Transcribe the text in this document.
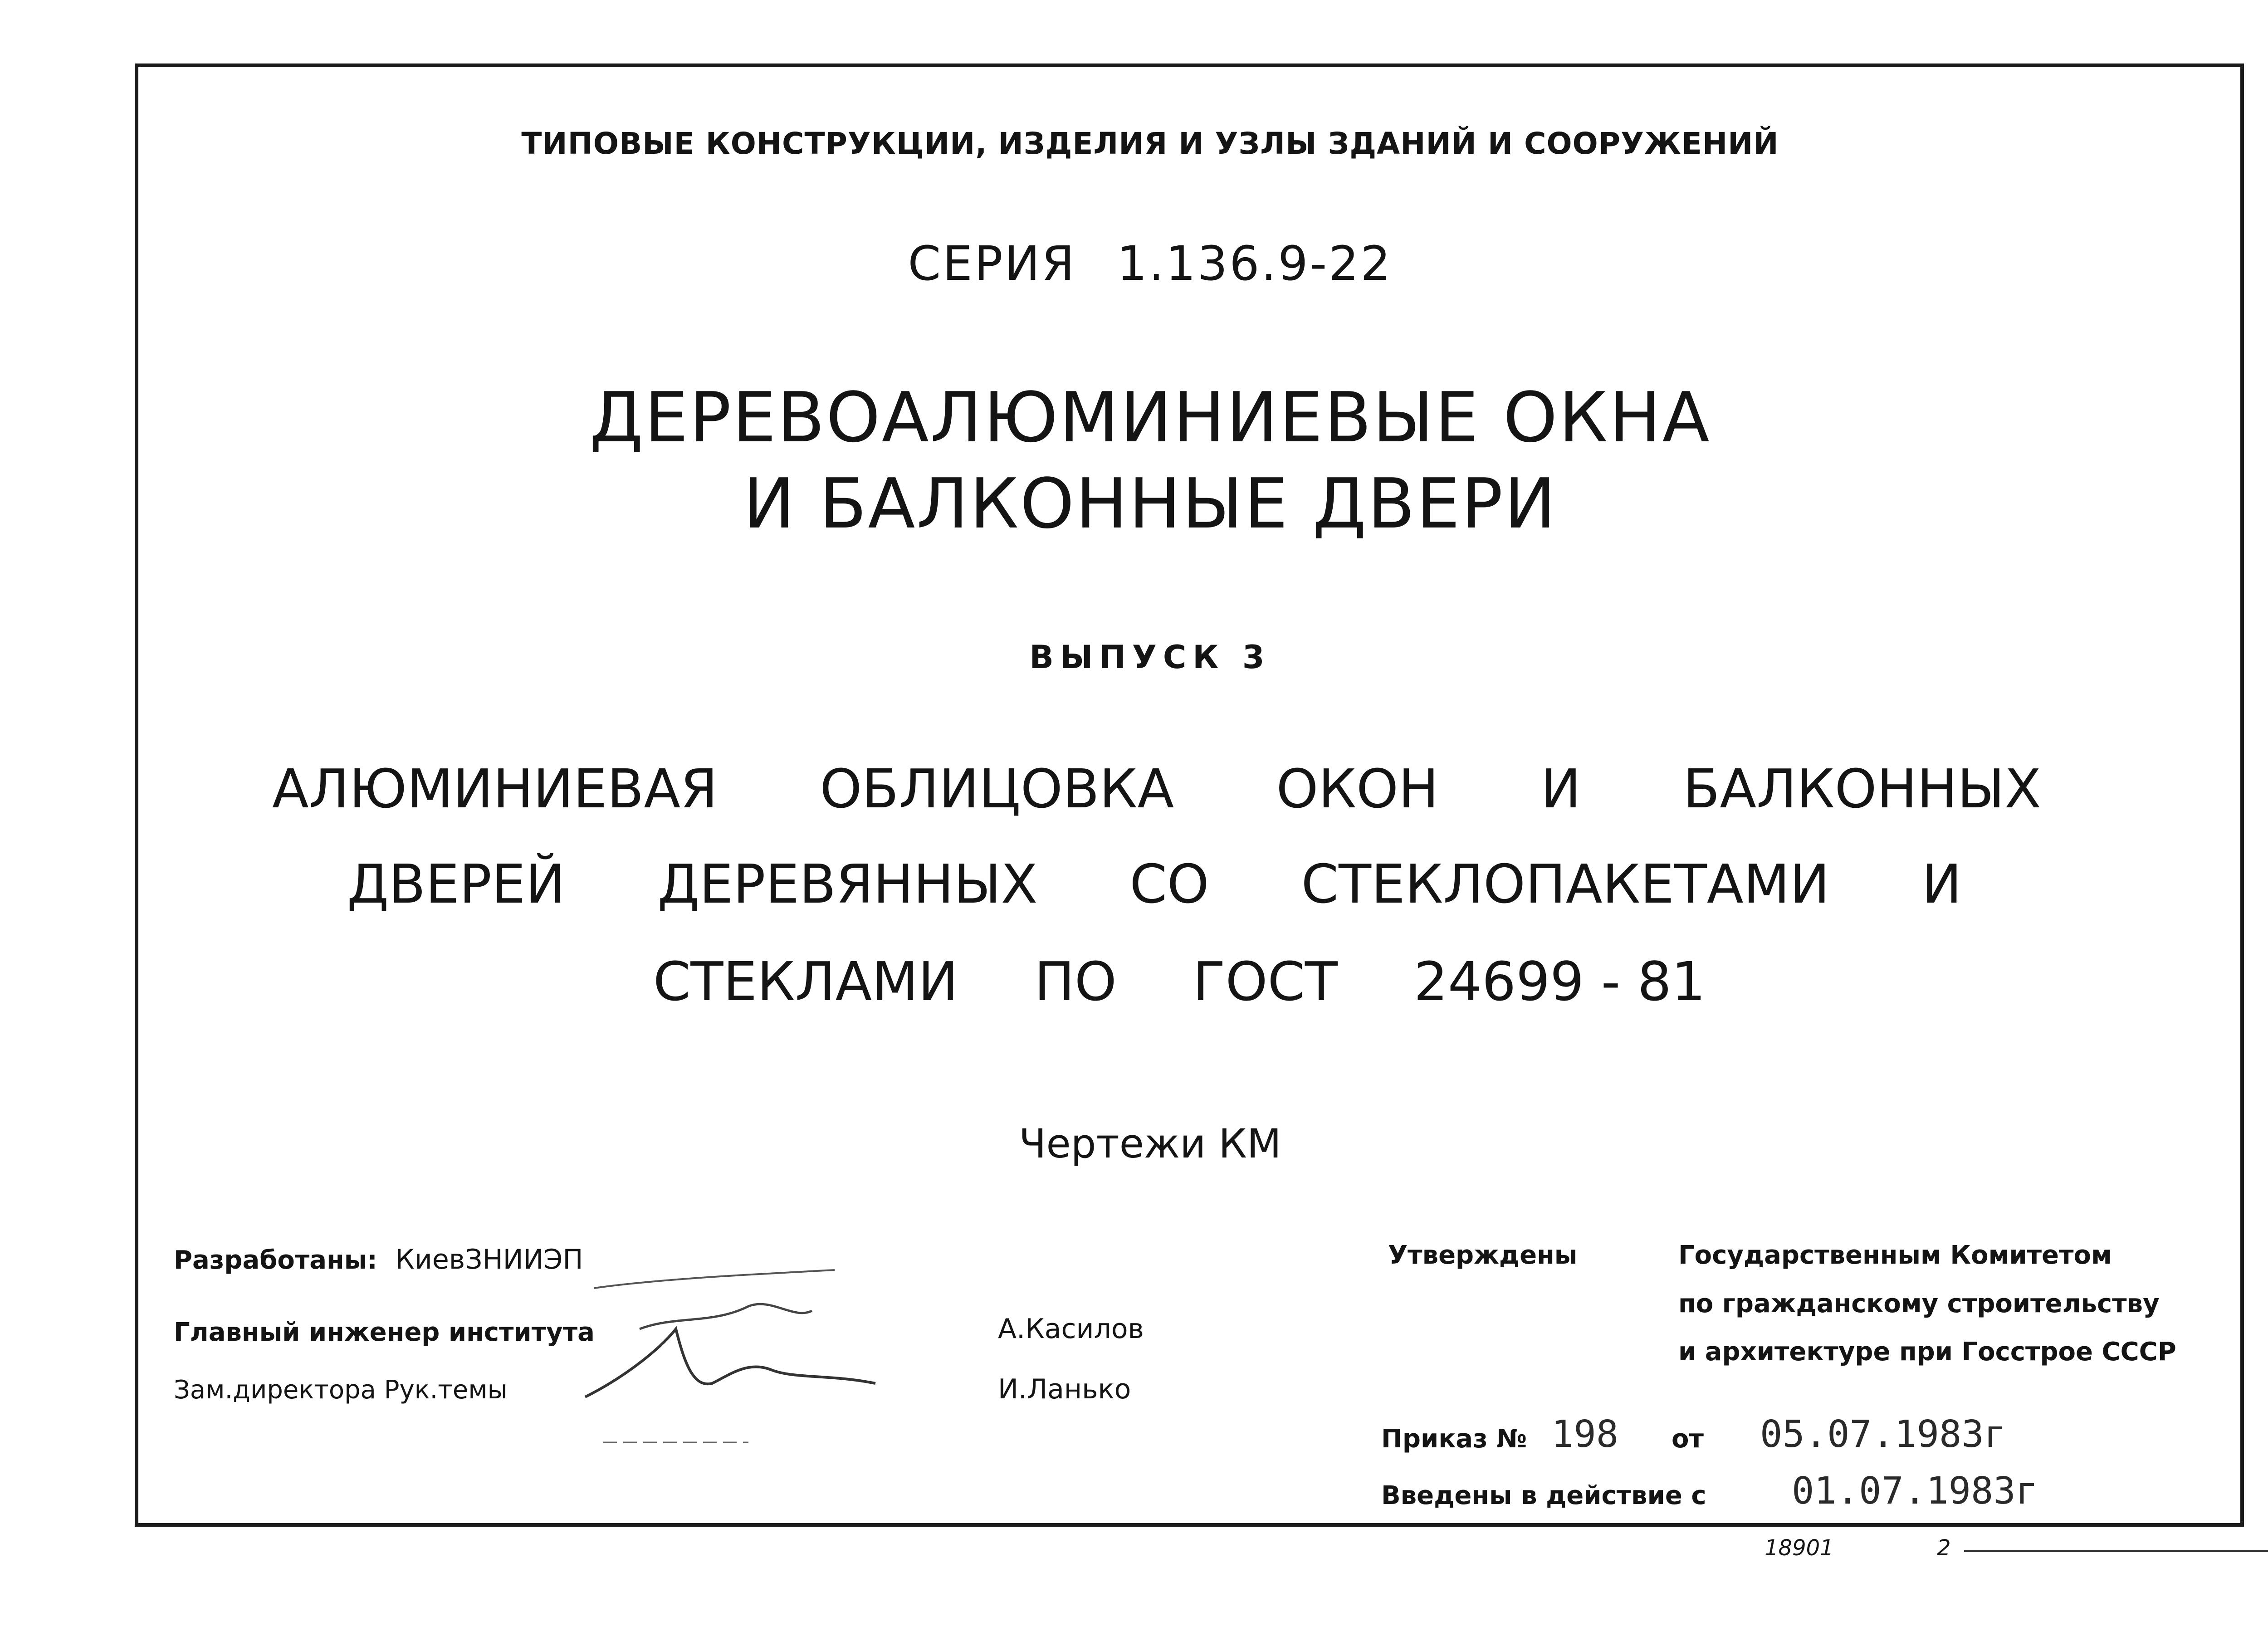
ТИПОВЫЕ КОНСТРУКЦИИ, ИЗДЕЛИЯ И УЗЛЫ ЗДАНИЙ И СООРУЖЕНИЙ
СЕРИЯ 1.136.9-22
ДЕРЕВОАЛЮМИНИЕВЫЕ ОКНА
И БАЛКОННЫЕ ДВЕРИ
ВЫПУСК 3
АЛЮМИНИЕВАЯ ОБЛИЦОВКА ОКОН И БАЛКОННЫХ
ДВЕРЕЙ ДЕРЕВЯННЫХ СО СТЕКЛОПАКЕТАМИ И
СТЕКЛАМИ ПО ГОСТ 24699 - 81
Чертежи КМ
Разработаны: КиевЗНИИЭП
Главный инженер института	А.Касилов
Зам.директора Рук.темы	И.Ланько
Утверждены	Государственным Комитетом
по гражданскому строительству
и архитектуре при Госстрое СССР
Приказ № 198 от 05.07.1983г
Введены в действие с 01.07.1983г
18901	2
